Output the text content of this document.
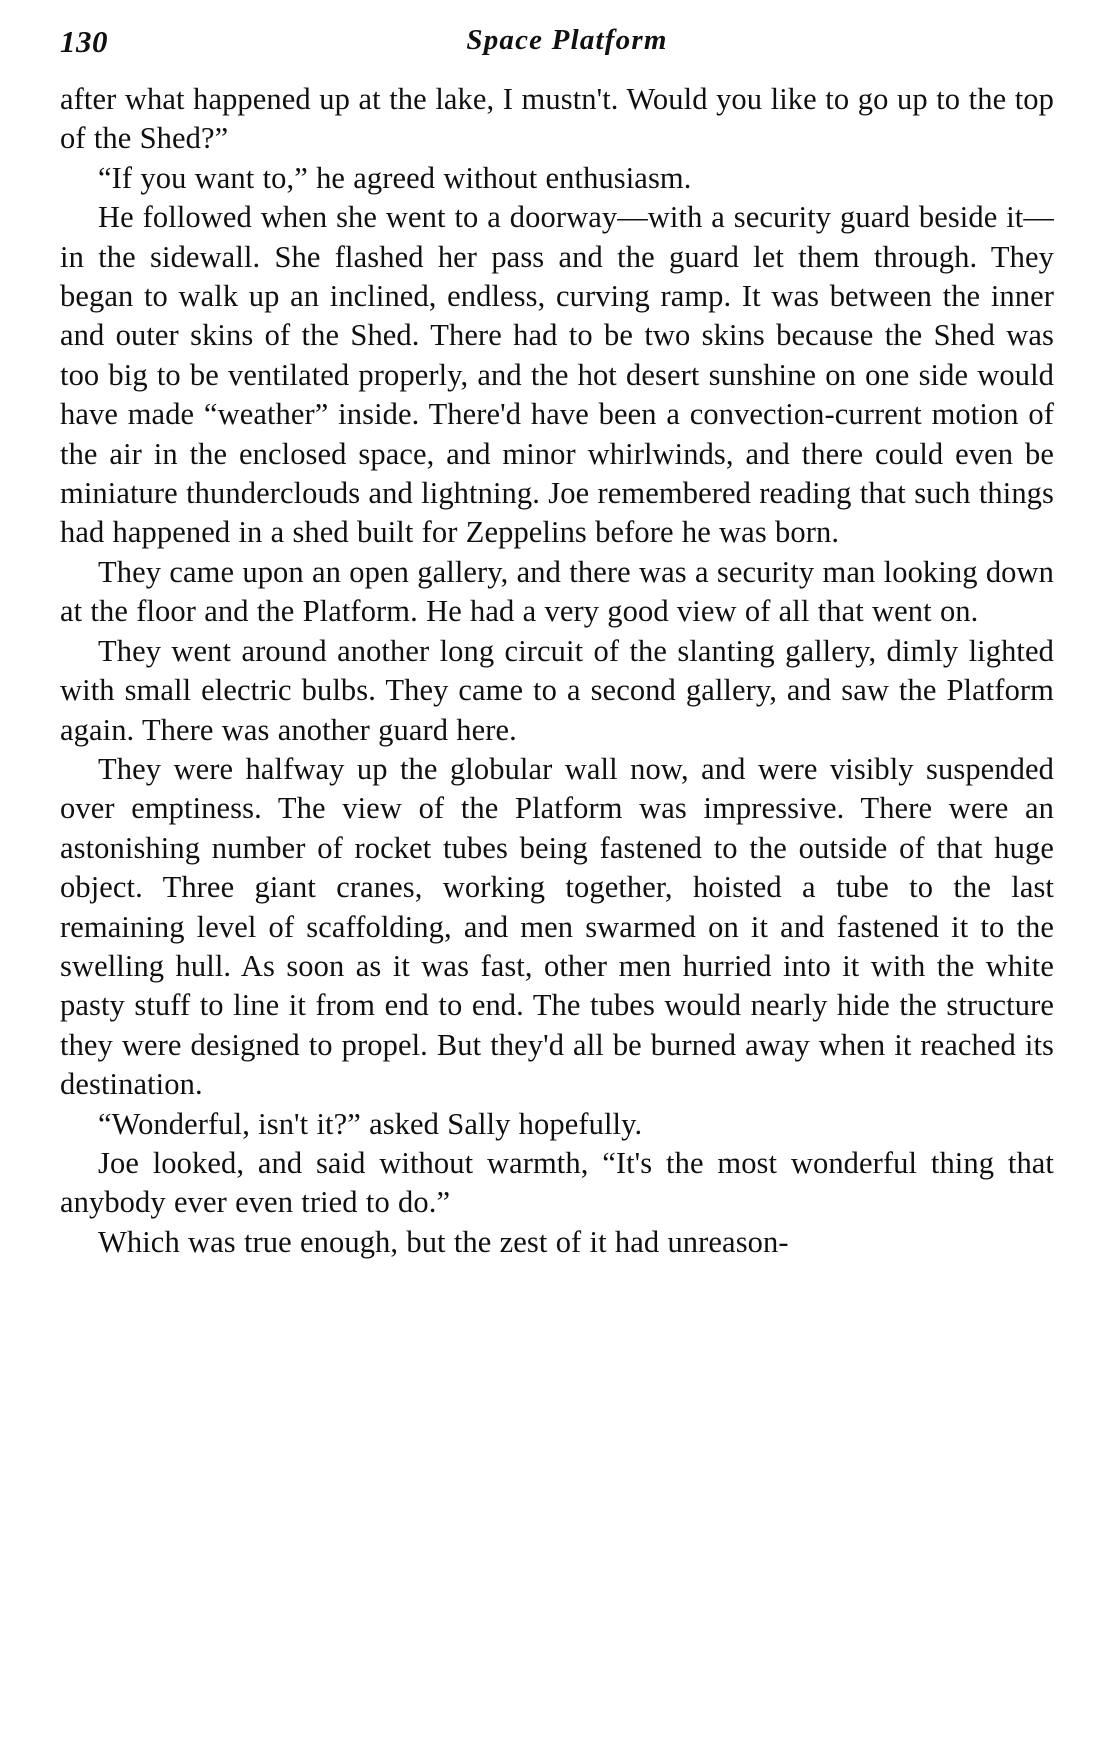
130	Space Platform

after what happened up at the lake, I mustn't. Would you like to go up to the top of the Shed?”

“If you want to,” he agreed without enthusiasm.

He followed when she went to a doorway—with a security guard beside it—in the sidewall. She flashed her pass and the guard let them through. They began to walk up an inclined, endless, curving ramp. It was between the inner and outer skins of the Shed. There had to be two skins because the Shed was too big to be ventilated properly, and the hot desert sunshine on one side would have made “weather” inside. There'd have been a convection-current motion of the air in the enclosed space, and minor whirlwinds, and there could even be miniature thunderclouds and lightning. Joe remembered reading that such things had happened in a shed built for Zeppelins before he was born.

They came upon an open gallery, and there was a security man looking down at the floor and the Platform. He had a very good view of all that went on.

They went around another long circuit of the slanting gallery, dimly lighted with small electric bulbs. They came to a second gallery, and saw the Platform again. There was another guard here.

They were halfway up the globular wall now, and were visibly suspended over emptiness. The view of the Platform was impressive. There were an astonishing number of rocket tubes being fastened to the outside of that huge object. Three giant cranes, working together, hoisted a tube to the last remaining level of scaffolding, and men swarmed on it and fastened it to the swelling hull. As soon as it was fast, other men hurried into it with the white pasty stuff to line it from end to end. The tubes would nearly hide the structure they were designed to propel. But they'd all be burned away when it reached its destination.

“Wonderful, isn't it?” asked Sally hopefully.

Joe looked, and said without warmth, “It's the most wonderful thing that anybody ever even tried to do.”

Which was true enough, but the zest of it had unreason-
